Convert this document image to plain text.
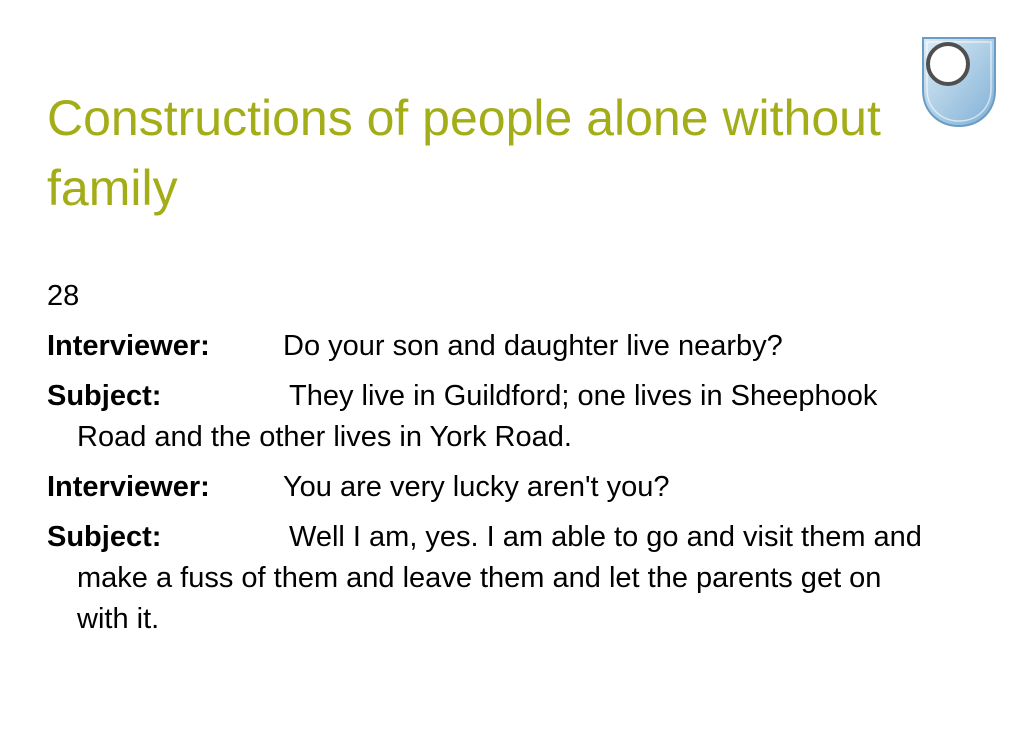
Constructions of people alone without family

28

Interviewer:	Do your son and daughter live nearby?

Subject:	They live in Guildford; one lives in Sheephook Road and the other lives in York Road.

Interviewer:	You are very lucky aren't you?

Subject:	Well I am, yes. I am able to go and visit them and make a fuss of them and leave them and let the parents get on with it.
